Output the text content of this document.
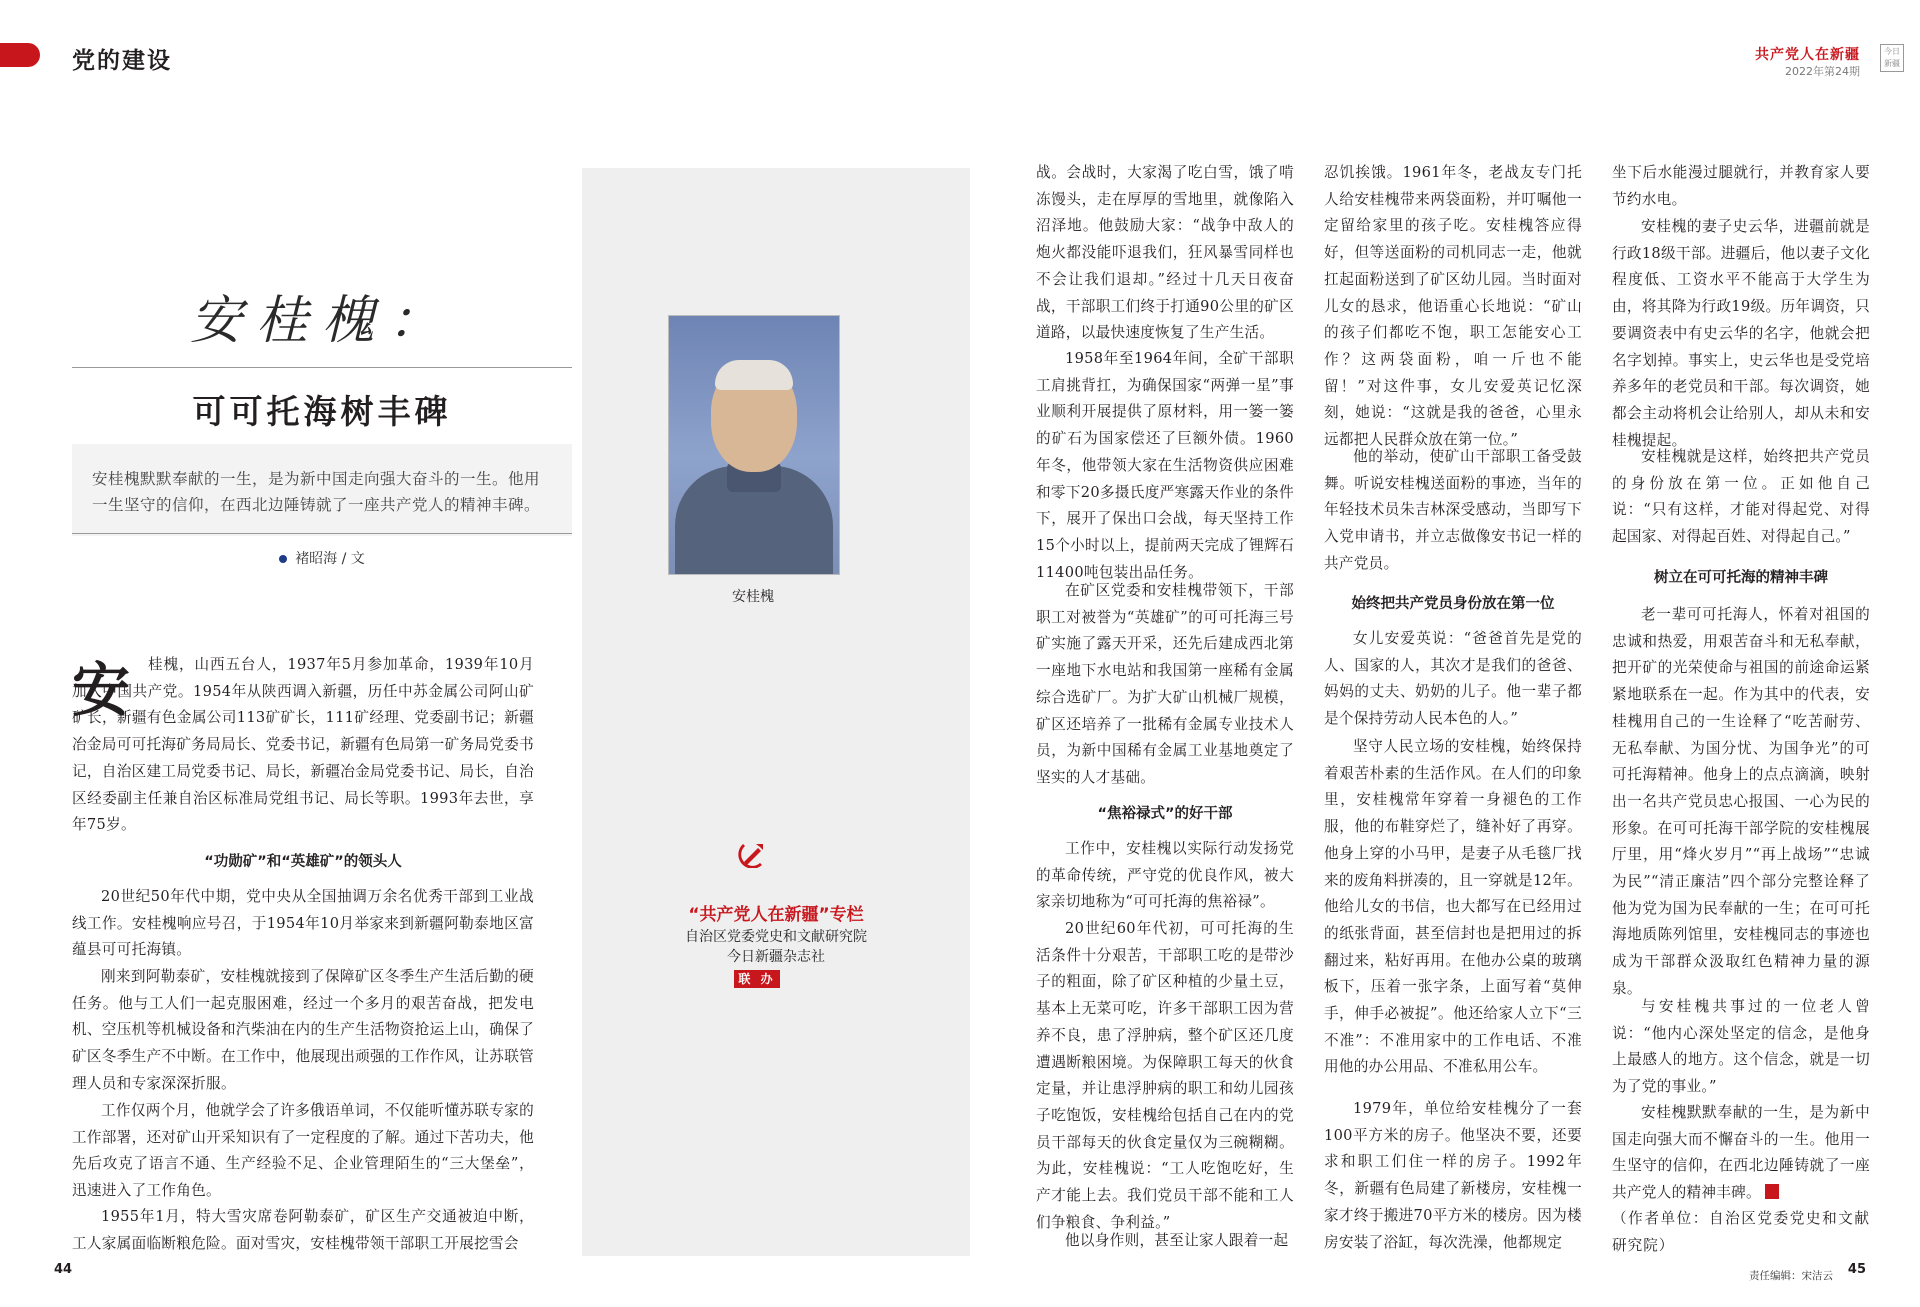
党的建设	共产党人在新疆
2022年第24期
今日新疆
安桂槐：
可可托海树丰碑
安桂槐默默奉献的一生，是为新中国走向强大奋斗的一生。他用一生坚守的信仰，在西北边陲铸就了一座共产党人的精神丰碑。
褚昭海 / 文
安桂槐
“共产党人在新疆”专栏
自治区党委党史和文献研究院
今日新疆杂志社
联 办
安	桂槐，山西五台人，1937年5月参加革命，1939年10月加入中国共产党。1954年从陕西调入新疆，历任中苏金属公司阿山矿矿长，新疆有色金属公司113矿矿长，111矿经理、党委副书记；新疆冶金局可可托海矿务局局长、党委书记，新疆有色局第一矿务局党委书记，自治区建工局党委书记、局长，新疆冶金局党委书记、局长，自治区经委副主任兼自治区标准局党组书记、局长等职。1993年去世，享年75岁。

“功勋矿”和“英雄矿”的领头人

20世纪50年代中期，党中央从全国抽调万余名优秀干部到工业战线工作。安桂槐响应号召，于1954年10月举家来到新疆阿勒泰地区富蕴县可可托海镇。

刚来到阿勒泰矿，安桂槐就接到了保障矿区冬季生产生活后勤的硬任务。他与工人们一起克服困难，经过一个多月的艰苦奋战，把发电机、空压机等机械设备和汽柴油在内的生产生活物资抢运上山，确保了矿区冬季生产不中断。在工作中，他展现出顽强的工作作风，让苏联管理人员和专家深深折服。

工作仅两个月，他就学会了许多俄语单词，不仅能听懂苏联专家的工作部署，还对矿山开采知识有了一定程度的了解。通过下苦功夫，他先后攻克了语言不通、生产经验不足、企业管理陌生的“三大堡垒”，迅速进入了工作角色。

1955年1月，特大雪灾席卷阿勒泰矿，矿区生产交通被迫中断，工人家属面临断粮危险。面对雪灾，安桂槐带领干部职工开展挖雪会

战。会战时，大家渴了吃白雪，饿了啃冻馒头，走在厚厚的雪地里，就像陷入沼泽地。他鼓励大家：“战争中敌人的炮火都没能吓退我们，狂风暴雪同样也不会让我们退却。”经过十几天日夜奋战，干部职工们终于打通90公里的矿区道路，以最快速度恢复了生产生活。

1958年至1964年间，全矿干部职工肩挑背扛，为确保国家“两弹一星”事业顺利开展提供了原材料，用一篓一篓的矿石为国家偿还了巨额外债。1960年冬，他带领大家在生活物资供应困难和零下20多摄氏度严寒露天作业的条件下，展开了保出口会战，每天坚持工作15个小时以上，提前两天完成了锂辉石11400吨包装出品任务。

在矿区党委和安桂槐带领下，干部职工对被誉为“英雄矿”的可可托海三号矿实施了露天开采，还先后建成西北第一座地下水电站和我国第一座稀有金属综合选矿厂。为扩大矿山机械厂规模，矿区还培养了一批稀有金属专业技术人员，为新中国稀有金属工业基地奠定了坚实的人才基础。

“焦裕禄式”的好干部

工作中，安桂槐以实际行动发扬党的革命传统，严守党的优良作风，被大家亲切地称为“可可托海的焦裕禄”。

20世纪60年代初，可可托海的生活条件十分艰苦，干部职工吃的是带沙子的粗面，除了矿区种植的少量土豆，基本上无菜可吃，许多干部职工因为营养不良，患了浮肿病，整个矿区还几度遭遇断粮困境。为保障职工每天的伙食定量，并让患浮肿病的职工和幼儿园孩子吃饱饭，安桂槐给包括自己在内的党员干部每天的伙食定量仅为三碗糊糊。为此，安桂槐说：“工人吃饱吃好，生产才能上去。我们党员干部不能和工人们争粮食、争利益。”

他以身作则，甚至让家人跟着一起

忍饥挨饿。1961年冬，老战友专门托人给安桂槐带来两袋面粉，并叮嘱他一定留给家里的孩子吃。安桂槐答应得好，但等送面粉的司机同志一走，他就扛起面粉送到了矿区幼儿园。当时面对儿女的恳求，他语重心长地说：“矿山的孩子们都吃不饱，职工怎能安心工作？这两袋面粉，咱一斤也不能留！”对这件事，女儿安爱英记忆深刻，她说：“这就是我的爸爸，心里永远都把人民群众放在第一位。”

他的举动，使矿山干部职工备受鼓舞。听说安桂槐送面粉的事迹，当年的年轻技术员朱吉林深受感动，当即写下入党申请书，并立志做像安书记一样的共产党员。

始终把共产党员身份放在第一位

女儿安爱英说：“爸爸首先是党的人、国家的人，其次才是我们的爸爸、妈妈的丈夫、奶奶的儿子。他一辈子都是个保持劳动人民本色的人。”

坚守人民立场的安桂槐，始终保持着艰苦朴素的生活作风。在人们的印象里，安桂槐常年穿着一身褪色的工作服，他的布鞋穿烂了，缝补好了再穿。他身上穿的小马甲，是妻子从毛毯厂找来的废角料拼凑的，且一穿就是12年。他给儿女的书信，也大都写在已经用过的纸张背面，甚至信封也是把用过的拆翻过来，粘好再用。在他办公桌的玻璃板下，压着一张字条，上面写着“莫伸手，伸手必被捉”。他还给家人立下“三不准”：不准用家中的工作电话、不准用他的办公用品、不准私用公车。

1979年，单位给安桂槐分了一套100平方米的房子。他坚决不要，还要求和职工们住一样的房子。1992年冬，新疆有色局建了新楼房，安桂槐一家才终于搬进70平方米的楼房。因为楼房安装了浴缸，每次洗澡，他都规定

坐下后水能漫过腿就行，并教育家人要节约水电。

安桂槐的妻子史云华，进疆前就是行政18级干部。进疆后，他以妻子文化程度低、工资水平不能高于大学生为由，将其降为行政19级。历年调资，只要调资表中有史云华的名字，他就会把名字划掉。事实上，史云华也是受党培养多年的老党员和干部。每次调资，她都会主动将机会让给别人，却从未和安桂槐提起。

安桂槐就是这样，始终把共产党员的身份放在第一位。正如他自己说：“只有这样，才能对得起党、对得起国家、对得起百姓、对得起自己。”

树立在可可托海的精神丰碑

老一辈可可托海人，怀着对祖国的忠诚和热爱，用艰苦奋斗和无私奉献，把开矿的光荣使命与祖国的前途命运紧紧地联系在一起。作为其中的代表，安桂槐用自己的一生诠释了“吃苦耐劳、无私奉献、为国分忧、为国争光”的可可托海精神。他身上的点点滴滴，映射出一名共产党员忠心报国、一心为民的形象。在可可托海干部学院的安桂槐展厅里，用“烽火岁月”“再上战场”“忠诚为民”“清正廉洁”四个部分完整诠释了他为党为国为民奉献的一生；在可可托海地质陈列馆里，安桂槐同志的事迹也成为干部群众汲取红色精神力量的源泉。

与安桂槐共事过的一位老人曾说：“他内心深处坚定的信念，是他身上最感人的地方。这个信念，就是一切为了党的事业。”

安桂槐默默奉献的一生，是为新中国走向强大而不懈奋斗的一生。他用一生坚守的信仰，在西北边陲铸就了一座共产党人的精神丰碑。

（作者单位：自治区党委党史和文献研究院）

44	责任编辑：宋洁云 45
